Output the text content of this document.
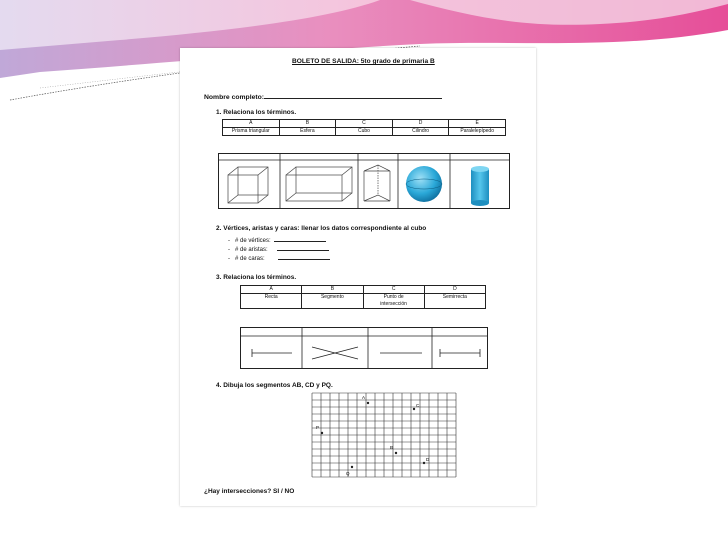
BOLETO DE SALIDA: 5to grado de primaria B
Nombre completo:
1. Relaciona los términos.
A	B	C	D	E
Prisma triangular	Esfera	Cubo	Cilindro	Paralelepípedo
2. Vértices, aristas y caras: llenar los datos correspondiente al cubo
-   # de vértices:
-   # de aristas:
-   # de caras:
3. Relaciona los términos.
A	B	C	D
Recta	Segmento	Punto de intersección	Semirrecta
4. Dibuja los segmentos AB, CD y PQ.
A
P
B
C
D
Q
¿Hay intersecciones? SI / NO
